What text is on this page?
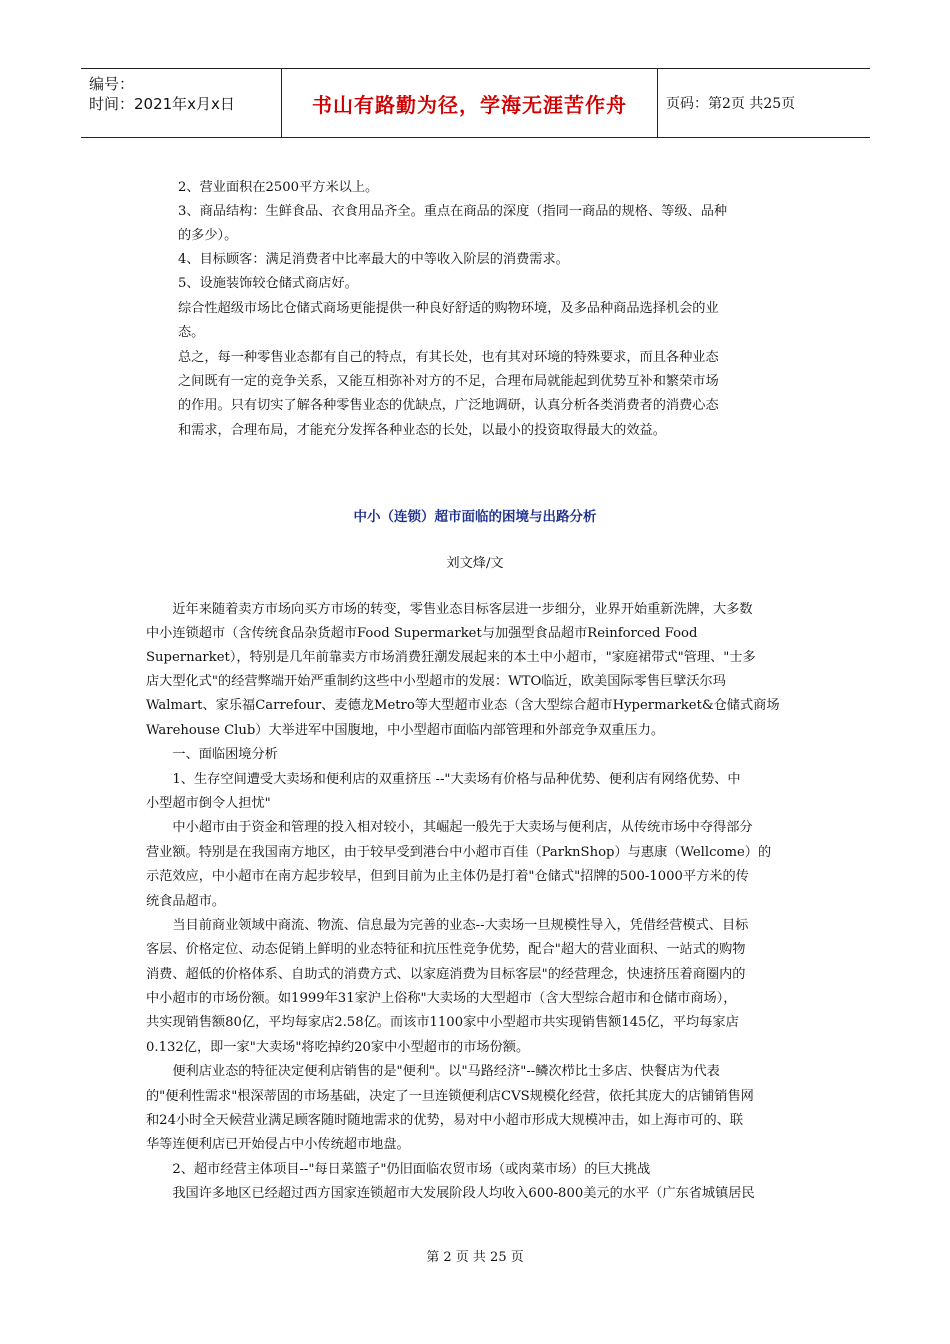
编号：
时间：2021年x月x日	书山有路勤为径，学海无涯苦作舟	页码：第2页 共25页
2、营业面积在2500平方米以上。
3、商品结构：生鲜食品、衣食用品齐全。重点在商品的深度（指同一商品的规格、等级、品种
的多少）。
4、目标顾客：满足消费者中比率最大的中等收入阶层的消费需求。
5、设施装饰较仓储式商店好。
综合性超级市场比仓储式商场更能提供一种良好舒适的购物环境，及多品种商品选择机会的业
态。
总之，每一种零售业态都有自己的特点，有其长处，也有其对环境的特殊要求，而且各种业态
之间既有一定的竞争关系，又能互相弥补对方的不足，合理布局就能起到优势互补和繁荣市场
的作用。只有切实了解各种零售业态的优缺点，广泛地调研，认真分析各类消费者的消费心态
和需求，合理布局，才能充分发挥各种业态的长处，以最小的投资取得最大的效益。
中小（连锁）超市面临的困境与出路分析
刘文烽/文
　　近年来随着卖方市场向买方市场的转变，零售业态目标客层进一步细分，业界开始重新洗牌，大多数
中小连锁超市（含传统食品杂货超市Food Supermarket与加强型食品超市Reinforced Food
Supernarket），特别是几年前靠卖方市场消费狂潮发展起来的本土中小超市，"家庭裙带式"管理、"士多
店大型化式"的经营弊端开始严重制约这些中小型超市的发展：WTO临近，欧美国际零售巨擘沃尔玛
Walmart、家乐福Carrefour、麦德龙Metro等大型超市业态（含大型综合超市Hypermarket&仓储式商场
Warehouse Club）大举进军中国腹地，中小型超市面临内部管理和外部竞争双重压力。
　　一、面临困境分析
　　1、生存空间遭受大卖场和便利店的双重挤压 --"大卖场有价格与品种优势、便利店有网络优势、中
小型超市倒令人担忧"
　　中小超市由于资金和管理的投入相对较小，其崛起一般先于大卖场与便利店，从传统市场中夺得部分
营业额。特别是在我国南方地区，由于较早受到港台中小超市百佳（ParknShop）与惠康（Wellcome）的
示范效应，中小超市在南方起步较早，但到目前为止主体仍是打着"仓储式"招牌的500-1000平方米的传
统食品超市。
　　当目前商业领域中商流、物流、信息最为完善的业态--大卖场一旦规模性导入，凭借经营模式、目标
客层、价格定位、动态促销上鲜明的业态特征和抗压性竞争优势，配合"超大的营业面积、一站式的购物
消费、超低的价格体系、自助式的消费方式、以家庭消费为目标客层"的经营理念，快速挤压着商圈内的
中小超市的市场份额。如1999年31家沪上俗称"大卖场的大型超市（含大型综合超市和仓储市商场），
共实现销售额80亿，平均每家店2.58亿。而该市1100家中小型超市共实现销售额145亿，平均每家店
0.132亿，即一家"大卖场"将吃掉约20家中小型超市的市场份额。
　　便利店业态的特征决定便利店销售的是"便利"。以"马路经济"--鳞次栉比士多店、快餐店为代表
的"便利性需求"根深蒂固的市场基础，决定了一旦连锁便利店CVS规模化经营，依托其庞大的店铺销售网
和24小时全天候营业满足顾客随时随地需求的优势，易对中小超市形成大规模冲击，如上海市可的、联
华等连便利店已开始侵占中小传统超市地盘。
　　2、超市经营主体项目--"每日菜篮子"仍旧面临农贸市场（或肉菜市场）的巨大挑战
　　我国许多地区已经超过西方国家连锁超市大发展阶段人均收入600-800美元的水平（广东省城镇居民
第 2 页 共 25 页
